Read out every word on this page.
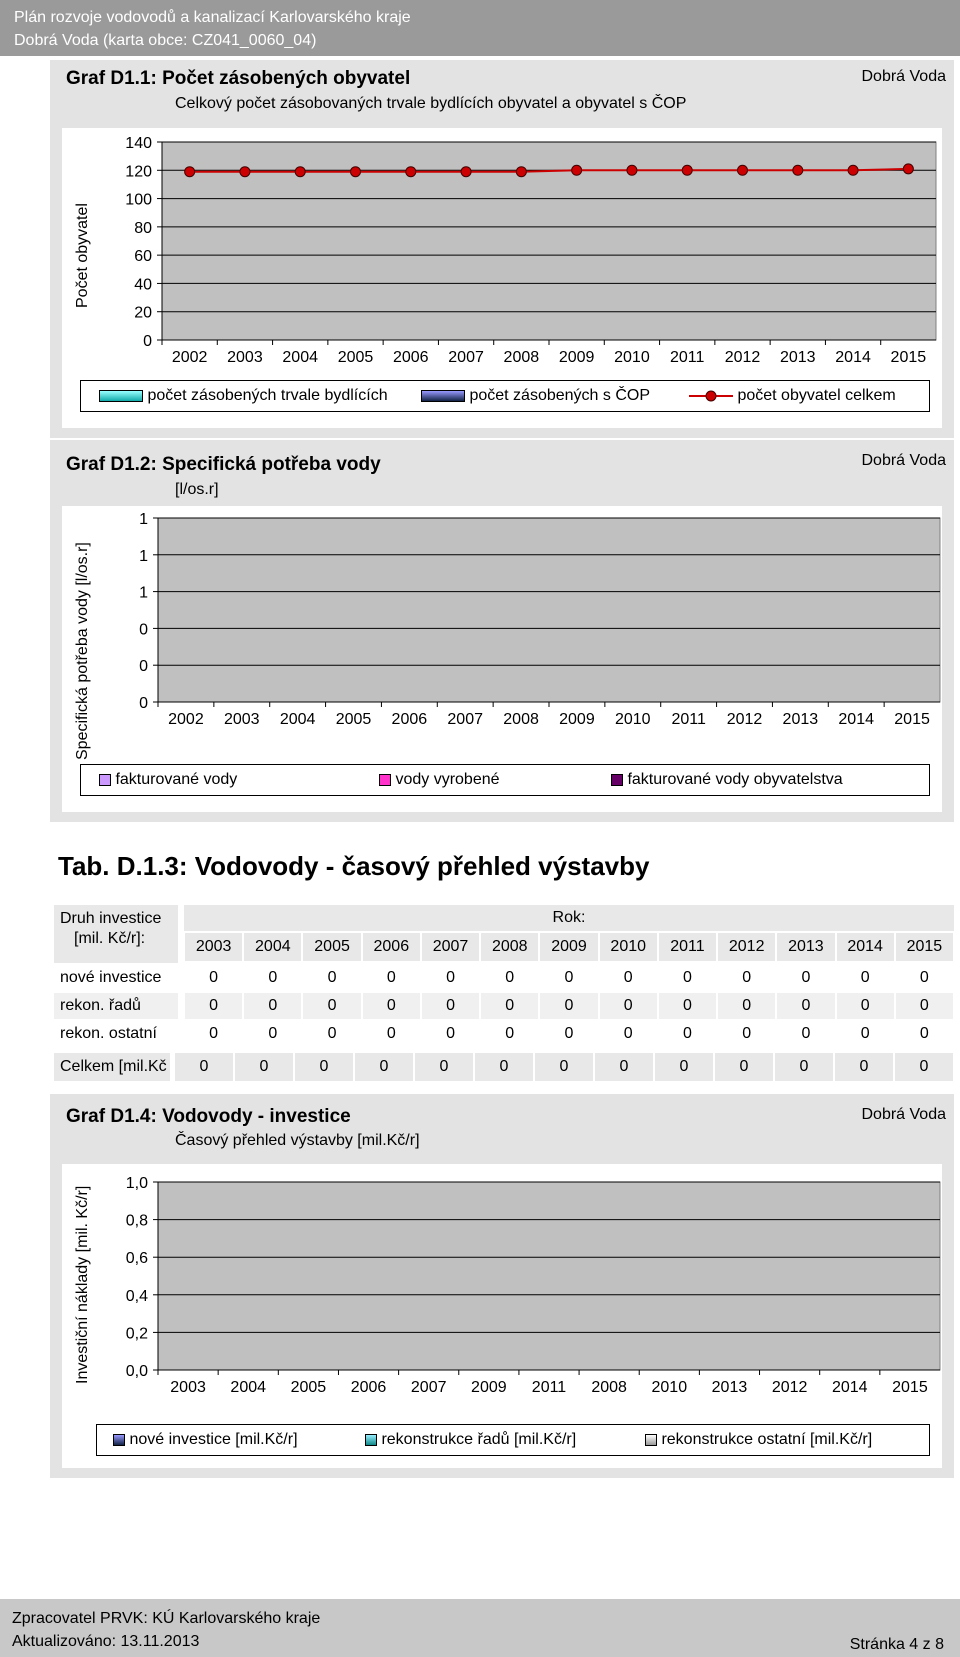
Plán rozvoje vodovodů a kanalizací Karlovarského kraje
Dobrá Voda (karta obce: CZ041_0060_04)
Graf D1.1: Počet zásobených obyvatel
Celkový počet zásobovaných trvale bydlících obyvatel a obyvatel s ČOP
Dobrá Voda
Počet obyvatel
0
20
40
60
80
100
120
140
2002 2003 2004 2005 2006 2007 2008 2009 2010 2011 2012 2013 2014 2015
počet zásobených trvale bydlících	počet zásobených s ČOP	počet obyvatel celkem
Graf D1.2: Specifická potřeba vody
[l/os.r]
Dobrá Voda
Specifická potřeba vody [l/os.r]	0
0
0
1
1
1
2002 2003 2004 2005 2006 2007 2008 2009 2010 2011 2012 2013 2014 2015
fakturované vody	vody vyrobené	fakturované vody obyvatelstva
Tab. D.1.3: Vodovody - časový přehled výstavby
Druh investice
[mil. Kč/r]:
Rok:
2003	2004	2005	2006	2007	2008	2009	2010	2011	2012	2013	2014	2015
nové investice	0	0	0	0	0	0	0	0	0	0	0	0	0
rekon. řadů	0	0	0	0	0	0	0	0	0	0	0	0	0
rekon. ostatní	0	0	0	0	0	0	0	0	0	0	0	0	0
Celkem [mil.Kč	0	0	0	0	0	0	0	0	0	0	0	0	0
Graf D1.4: Vodovody - investice
Časový přehled výstavby [mil.Kč/r]
Dobrá Voda
Investiční náklady [mil. Kč/r] 0,0
0,2
0,4
0,6
0,8
1,0
2003 2004 2005 2006 2007 2009 2011 2008 2010 2013 2012 2014 2015
nové investice [mil.Kč/r]	rekonstrukce řadů [mil.Kč/r]	rekonstrukce ostatní [mil.Kč/r]
Zpracovatel PRVK: KÚ Karlovarského kraje
Aktualizováno: 13.11.2013	Stránka 4 z 8
